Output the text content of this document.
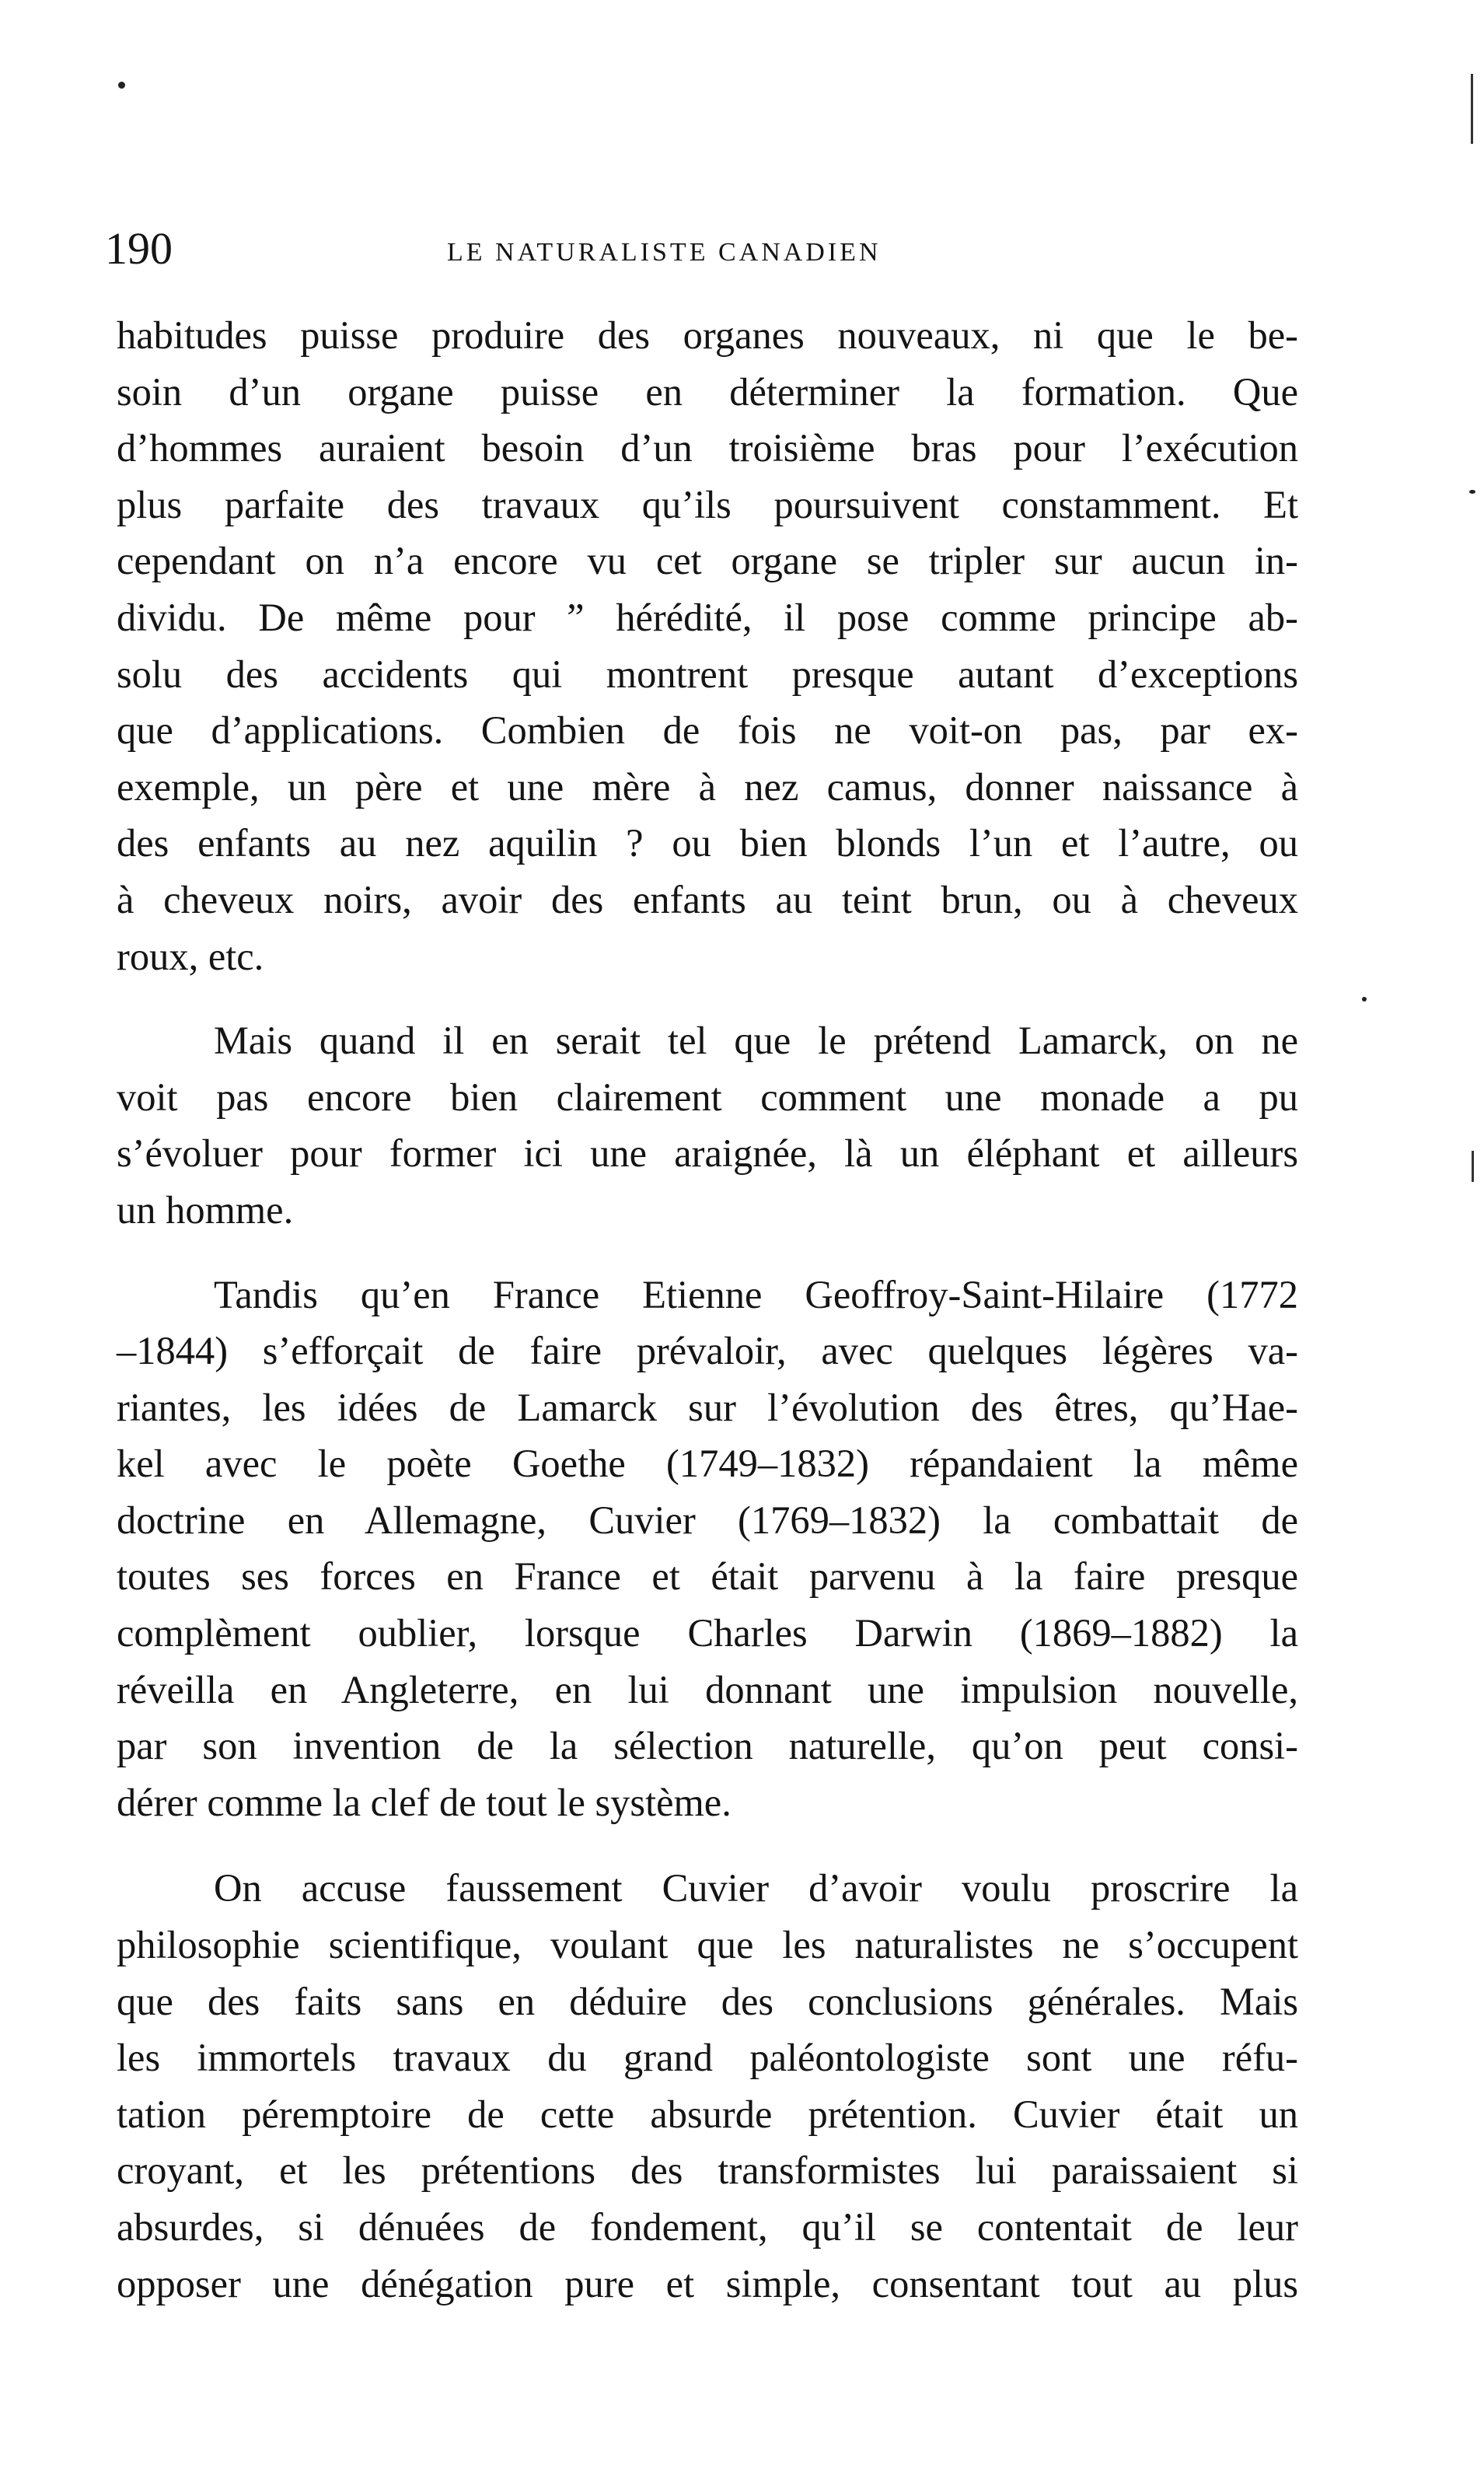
190	LE NATURALISTE CANADIEN

habitudes puisse produire des organes nouveaux, ni que le be-
soin d’un organe puisse en déterminer la formation. Que
d’hommes auraient besoin d’un troisième bras pour l’exécution
plus parfaite des travaux qu’ils poursuivent constamment. Et
cependant on n’a encore vu cet organe se tripler sur aucun in-
dividu. De même pour ” hérédité, il pose comme principe ab-
solu des accidents qui montrent presque autant d’exceptions
que d’applications. Combien de fois ne voit-on pas, par ex-
exemple, un père et une mère à nez camus, donner naissance à
des enfants au nez aquilin ? ou bien blonds l’un et l’autre, ou
à cheveux noirs, avoir des enfants au teint brun, ou à cheveux
roux, etc.

Mais quand il en serait tel que le prétend Lamarck, on ne
voit pas encore bien clairement comment une monade a pu
s’évoluer pour former ici une araignée, là un éléphant et ailleurs
un homme.

Tandis qu’en France Etienne Geoffroy-Saint-Hilaire (1772
–1844) s’efforçait de faire prévaloir, avec quelques légères va-
riantes, les idées de Lamarck sur l’évolution des êtres, qu’Hae-
kel avec le poète Goethe (1749–1832) répandaient la même
doctrine en Allemagne, Cuvier (1769–1832) la combattait de
toutes ses forces en France et était parvenu à la faire presque
complèment oublier, lorsque Charles Darwin (1869–1882) la
réveilla en Angleterre, en lui donnant une impulsion nouvelle,
par son invention de la sélection naturelle, qu’on peut consi-
dérer comme la clef de tout le système.

On accuse faussement Cuvier d’avoir voulu proscrire la
philosophie scientifique, voulant que les naturalistes ne s’occupent
que des faits sans en déduire des conclusions générales. Mais
les immortels travaux du grand paléontologiste sont une réfu-
tation péremptoire de cette absurde prétention. Cuvier était un
croyant, et les prétentions des transformistes lui paraissaient si
absurdes, si dénuées de fondement, qu’il se contentait de leur
opposer une dénégation pure et simple, consentant tout au plus
